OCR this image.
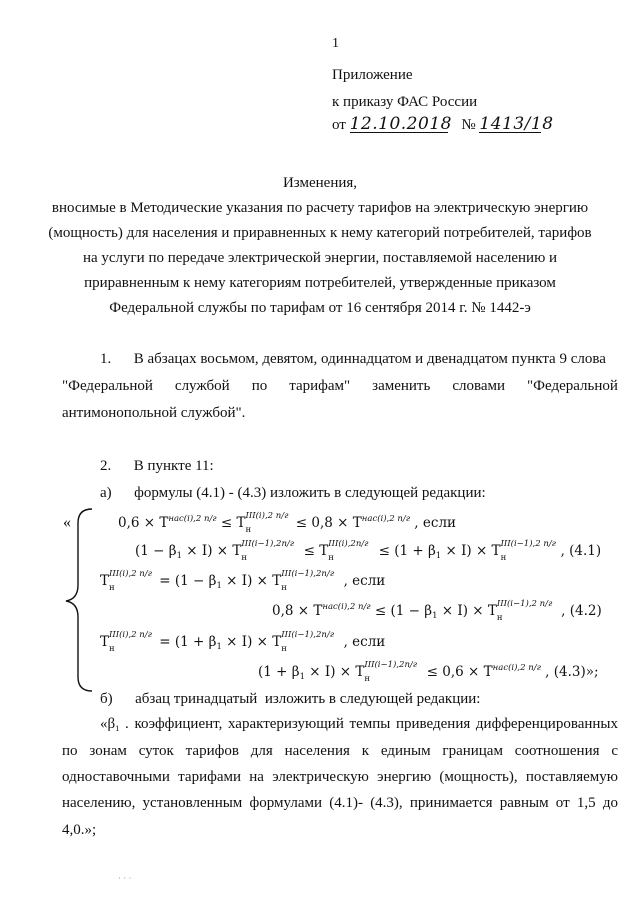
1
Приложение
к приказу ФАС России
от 12.10.2018 № 1413/18
Изменения,
вносимые в Методические указания по расчету тарифов на электрическую энергию
(мощность) для населения и приравненных к нему категорий потребителей, тарифов
на услуги по передаче электрической энергии, поставляемой населению и
приравненным к нему категориям потребителей, утвержденные приказом
Федеральной службы по тарифам от 16 сентября 2014 г. № 1442-э
1.      В абзацах восьмом, девятом, одиннадцатом и двенадцатом пункта 9 слова
"Федеральной службой по тарифам" заменить словами "Федеральной
антимонопольной службой".
2.      В пункте 11:
а)      формулы (4.1) - (4.3) изложить в следующей редакции:
«	$0,6 \times T^{нас(i),2 п/г} \le T$ III(i),2 п/г
н	≤ $0,8 \times T^{нас(i),2 п/г}$ , если
$(1 - \beta_1 \times I) \times T$ III(i−1),2п/г
н	≤ T III(i),2п/г
н	≤ $(1 + \beta_1 \times I) \times T$ III(i−1),2 п/г
н	, (4.1)
T III(i),2 п/г
н	= $(1 - \beta_1 \times I) \times T$ III(i−1),2п/г
н	, если
$0,8 \times T^{нас(i),2 п/г} \le (1 - \beta_1 \times I) \times T$ III(i−1),2 п/г
н	, (4.2)
T III(i),2 п/г
н	= $(1 + \beta_1 \times I) \times T$ III(i−1),2п/г
н	, если
$(1 + \beta_1 \times I) \times T$ III(i−1),2п/г
н	≤ $0,6 \times T^{нас(i),2 п/г}$ , (4.3)»;
б)      абзац тринадцатый  изложить в следующей редакции:
«$\beta_1$ . коэффициент, характеризующий темпы приведения дифференцированных
по зонам суток тарифов для населения к единым границам соотношения с
одноставочными тарифами на электрическую энергию (мощность), поставляемую
населению, установленным формулами (4.1)- (4.3), принимается равным от 1,5 до
4,0.»;
· · ·
